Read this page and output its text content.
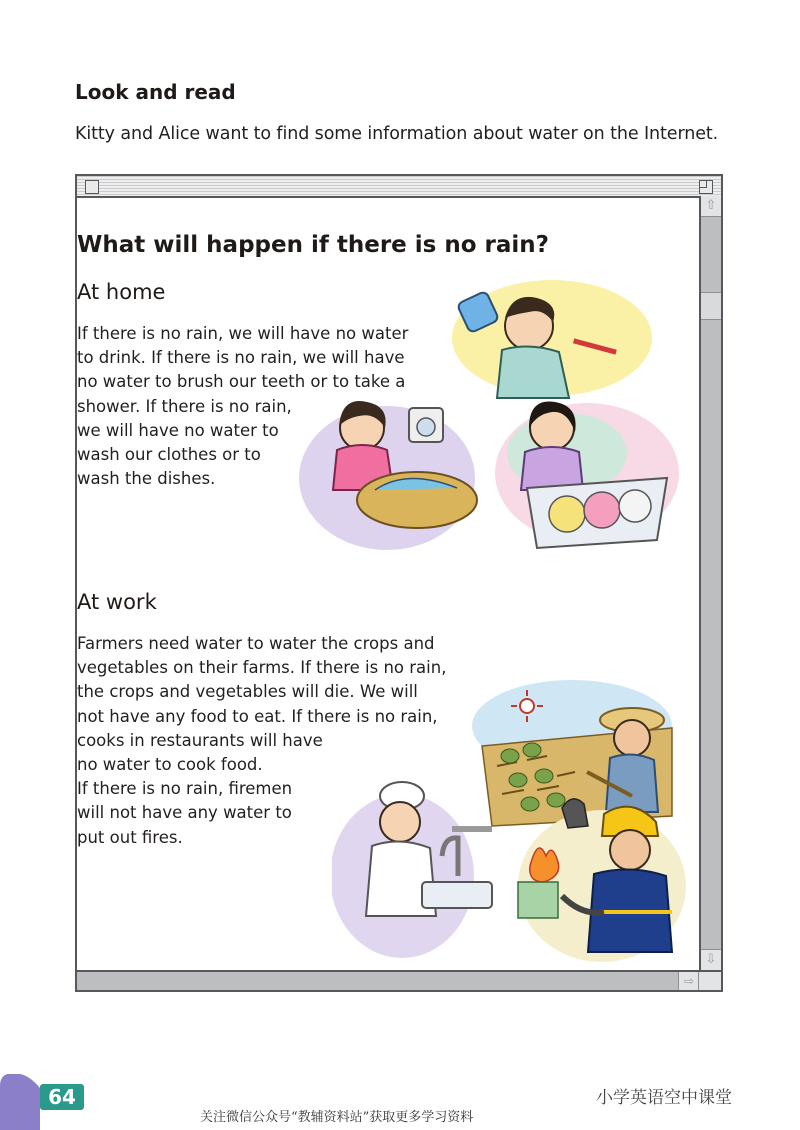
Look and read
Kitty and Alice want to find some information about water on the Internet.
What will happen if there is no rain?
At home
If there is no rain, we will have no water
to drink. If there is no rain, we will have
no water to brush our teeth or to take a
shower. If there is no rain,
we will have no water to
wash our clothes or to
wash the dishes.
At work
Farmers need water to water the crops and
vegetables on their farms. If there is no rain,
the crops and vegetables will die. We will
not have any food to eat. If there is no rain,
cooks in restaurants will have
no water to cook food.
If there is no rain, firemen
will not have any water to
put out fires.
⇧
⇩
⇨
64	小学英语空中课堂
关注微信公众号“教辅资料站”获取更多学习资料
